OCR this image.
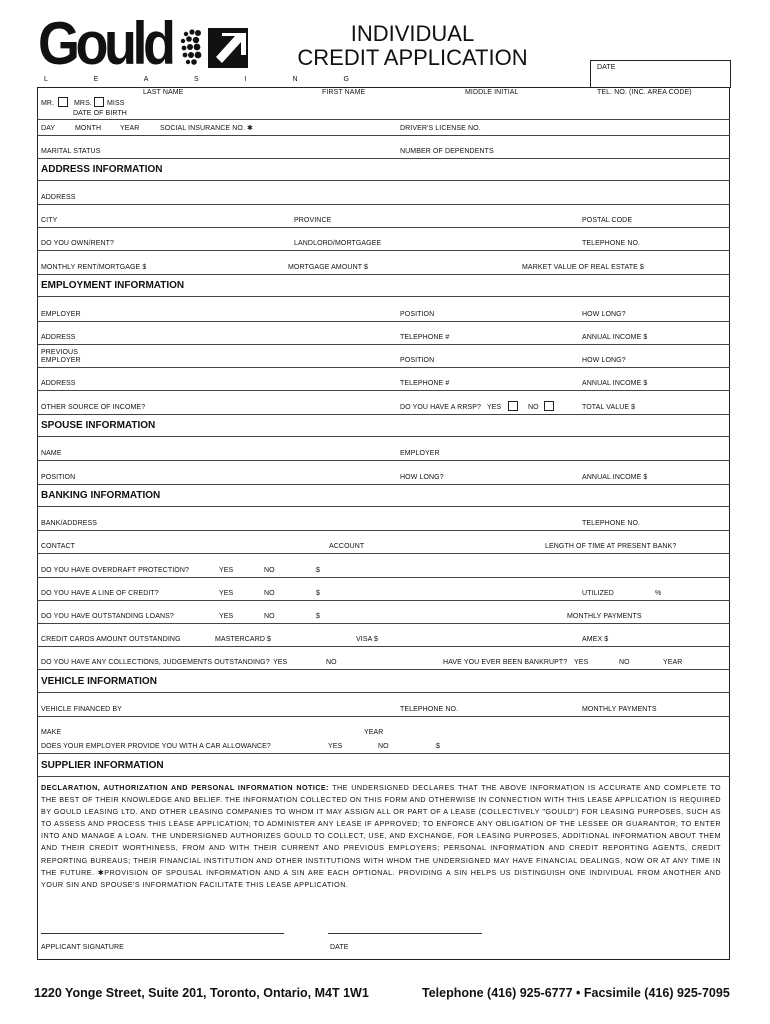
Gould
L E A S I N G
INDIVIDUAL
CREDIT APPLICATION	DATE
LAST NAME	FIRST NAME	MIDDLE INITIAL	TEL. NO. (INC. AREA CODE)
MR.	MRS. MISS
DATE OF BIRTH
DAY	MONTH	YEAR	SOCIAL INSURANCE NO. ✱	DRIVER'S LICENSE NO.
MARITAL STATUS	NUMBER OF DEPENDENTS
ADDRESS INFORMATION
ADDRESS
CITY	PROVINCE	POSTAL CODE
DO YOU OWN/RENT?	LANDLORD/MORTGAGEE	TELEPHONE NO.
MONTHLY RENT/MORTGAGE $	MORTGAGE AMOUNT $	MARKET VALUE OF REAL ESTATE $
EMPLOYMENT INFORMATION
EMPLOYER	POSITION	HOW LONG?
ADDRESS	TELEPHONE #	ANNUAL INCOME $
PREVIOUS
EMPLOYER	POSITION	HOW LONG?
ADDRESS	TELEPHONE #	ANNUAL INCOME $
OTHER SOURCE OF INCOME?	DO YOU HAVE A RRSP? YES	NO	TOTAL VALUE $
SPOUSE INFORMATION
NAME	EMPLOYER
POSITION	HOW LONG?	ANNUAL INCOME $
BANKING INFORMATION
BANK/ADDRESS	TELEPHONE NO.
CONTACT	ACCOUNT	LENGTH OF TIME AT PRESENT BANK?
DO YOU HAVE OVERDRAFT PROTECTION?	YES	NO	$
DO YOU HAVE A LINE OF CREDIT?	YES	NO	$	UTILIZED	%
DO YOU HAVE OUTSTANDING LOANS?	YES	NO	$	MONTHLY PAYMENTS
CREDIT CARDS AMOUNT OUTSTANDING	MASTERCARD $	VISA $	AMEX $
DO YOU HAVE ANY COLLECTIONS, JUDGEMENTS OUTSTANDING? YES	NO	HAVE YOU EVER BEEN BANKRUPT? YES	NO	YEAR
VEHICLE INFORMATION
VEHICLE FINANCED BY	TELEPHONE NO.	MONTHLY PAYMENTS
MAKE	YEAR
DOES YOUR EMPLOYER PROVIDE YOU WITH A CAR ALLOWANCE?	YES	NO	$
SUPPLIER INFORMATION
DECLARATION, AUTHORIZATION AND PERSONAL INFORMATION NOTICE: THE UNDERSIGNED DECLARES THAT THE ABOVE INFORMATION IS ACCURATE AND COMPLETE TO THE BEST OF THEIR KNOWLEDGE AND BELIEF. THE INFORMATION COLLECTED ON THIS FORM AND OTHERWISE IN CONNECTION WITH THIS LEASE APPLICATION IS REQUIRED BY GOULD LEASING LTD. AND OTHER LEASING COMPANIES TO WHOM IT MAY ASSIGN ALL OR PART OF A LEASE (COLLECTIVELY "GOULD") FOR LEASING PURPOSES, SUCH AS TO ASSESS AND PROCESS THIS LEASE APPLICATION; TO ADMINISTER ANY LEASE IF APPROVED; TO ENFORCE ANY OBLIGATION OF THE LESSEE OR GUARANTOR; TO ENTER INTO AND MANAGE A LOAN. THE UNDERSIGNED AUTHORIZES GOULD TO COLLECT, USE, AND EXCHANGE, FOR LEASING PURPOSES, ADDITIONAL INFORMATION ABOUT THEM AND THEIR CREDIT WORTHINESS, FROM AND WITH THEIR CURRENT AND PREVIOUS EMPLOYERS; PERSONAL INFORMATION AND CREDIT REPORTING AGENTS, CREDIT REPORTING BUREAUS; THEIR FINANCIAL INSTITUTION AND OTHER INSTITUTIONS WITH WHOM THE UNDERSIGNED MAY HAVE FINANCIAL DEALINGS, NOW OR AT ANY TIME IN THE FUTURE. ✱PROVISION OF SPOUSAL INFORMATION AND A SIN ARE EACH OPTIONAL. PROVIDING A SIN HELPS US DISTINGUISH ONE INDIVIDUAL FROM ANOTHER AND YOUR SIN AND SPOUSE'S INFORMATION FACILITATE THIS LEASE APPLICATION.
APPLICANT SIGNATURE	DATE
1220 Yonge Street, Suite 201, Toronto, Ontario, M4T 1W1	Telephone (416) 925-6777 • Facsimile (416) 925-7095
